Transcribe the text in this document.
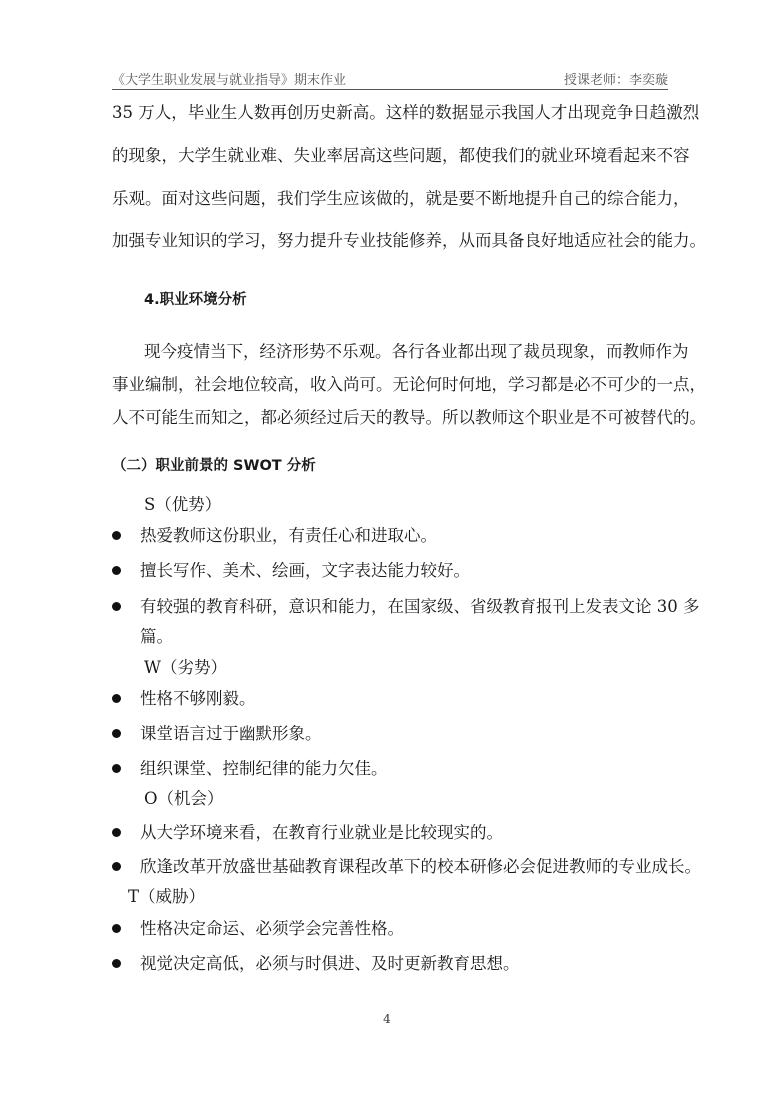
《大学生职业发展与就业指导》期末作业	授课老师：李奕璇
35 万人，毕业生人数再创历史新高。这样的数据显示我国人才出现竞争日趋激烈
的现象，大学生就业难、失业率居高这些问题，都使我们的就业环境看起来不容
乐观。面对这些问题，我们学生应该做的，就是要不断地提升自己的综合能力，
加强专业知识的学习，努力提升专业技能修养，从而具备良好地适应社会的能力。
4.职业环境分析
现今疫情当下，经济形势不乐观。各行各业都出现了裁员现象，而教师作为
事业编制，社会地位较高，收入尚可。无论何时何地，学习都是必不可少的一点，
人不可能生而知之，都必须经过后天的教导。所以教师这个职业是不可被替代的。
（二）职业前景的 SWOT 分析
S（优势）
热爱教师这份职业，有责任心和进取心。
擅长写作、美术、绘画，文字表达能力较好。
有较强的教育科研，意识和能力，在国家级、省级教育报刊上发表文论 30 多
篇。
W（劣势）
性格不够刚毅。
课堂语言过于幽默形象。
组织课堂、控制纪律的能力欠佳。
O（机会）
从大学环境来看，在教育行业就业是比较现实的。
欣逢改革开放盛世基础教育课程改革下的校本研修必会促进教师的专业成长。
T（威胁）
性格决定命运、必须学会完善性格。
视觉决定高低，必须与时俱进、及时更新教育思想。
4
